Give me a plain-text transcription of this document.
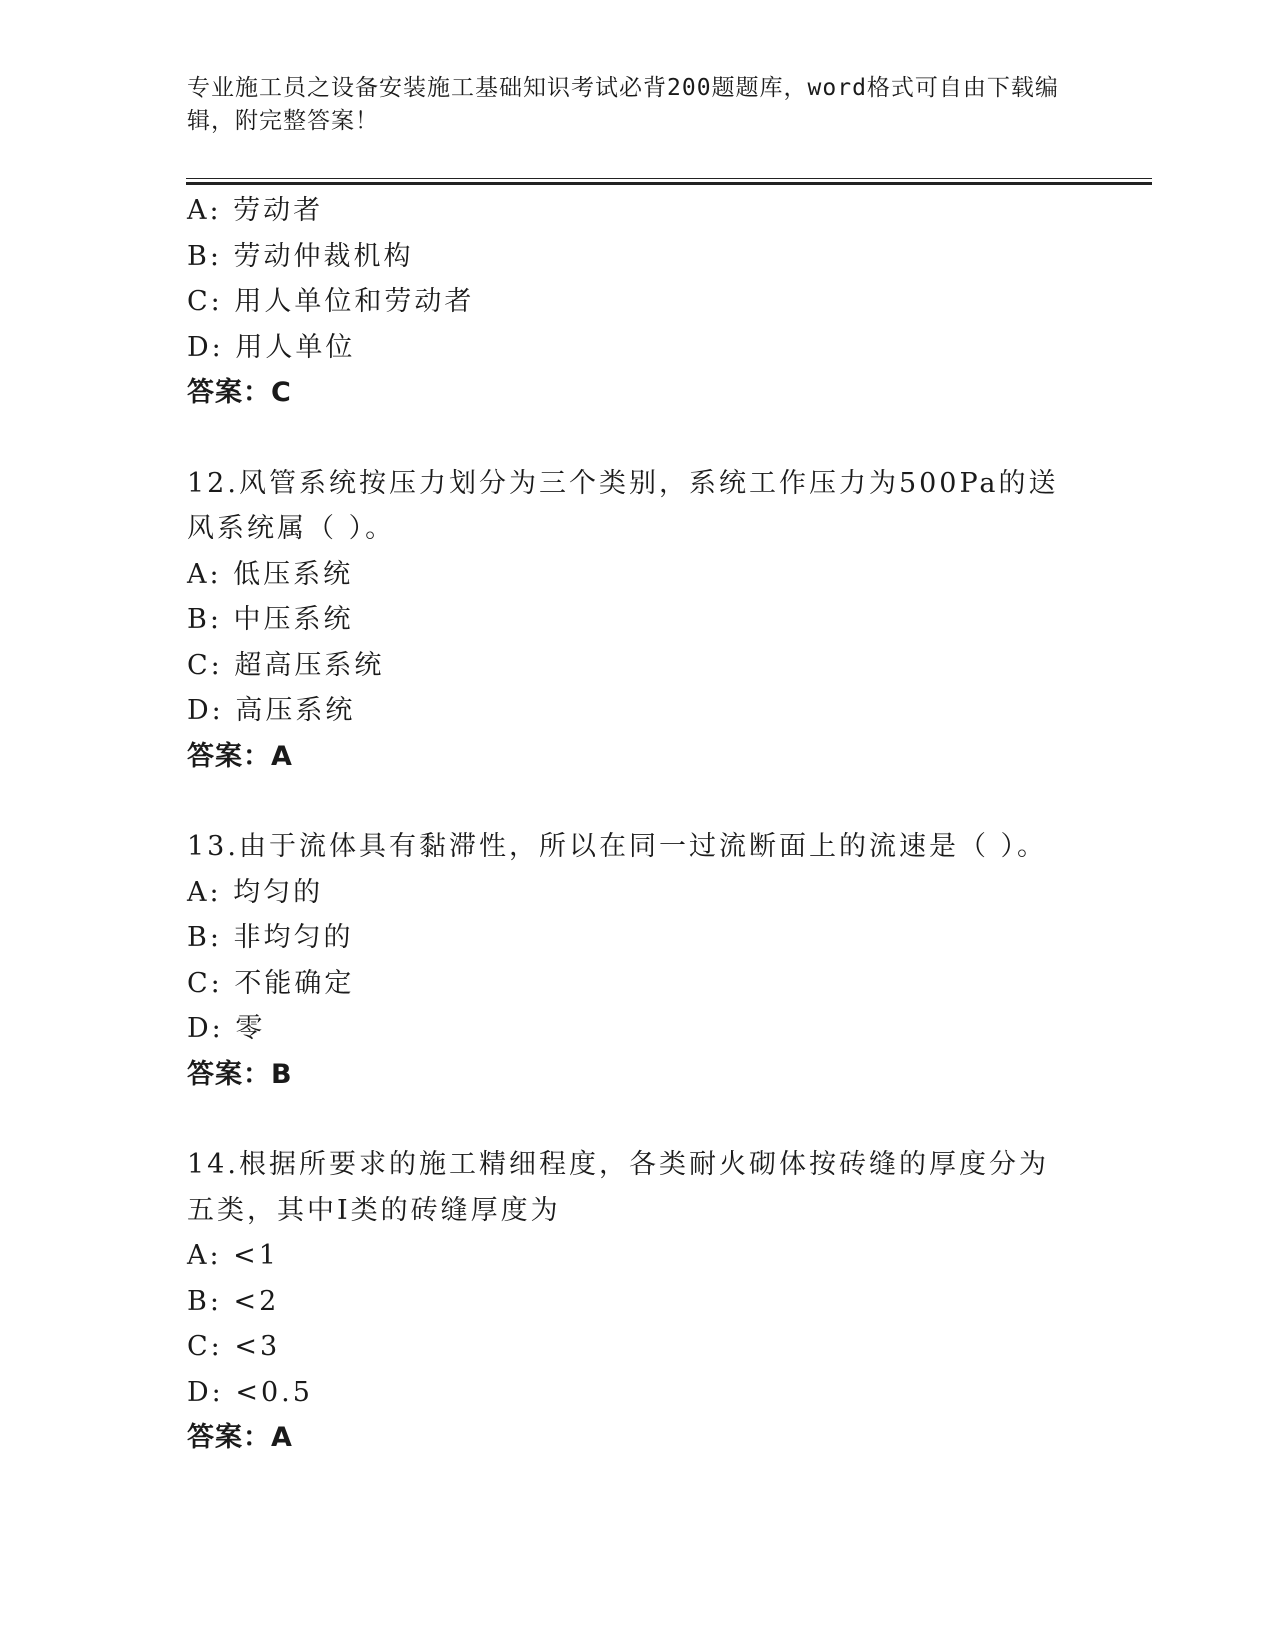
专业施工员之设备安装施工基础知识考试必背200题题库，word格式可自由下载编辑，附完整答案！
A: 劳动者
B: 劳动仲裁机构
C: 用人单位和劳动者
D: 用人单位
答案：C
12.风管系统按压力划分为三个类别，系统工作压力为500Pa的送风系统属（ ）。
A: 低压系统
B: 中压系统
C: 超高压系统
D: 高压系统
答案：A
13.由于流体具有黏滞性，所以在同一过流断面上的流速是（ ）。
A: 均匀的
B: 非均匀的
C: 不能确定
D: 零
答案：B
14.根据所要求的施工精细程度，各类耐火砌体按砖缝的厚度分为五类，其中Ⅰ类的砖缝厚度为
A: <1
B: <2
C: <3
D: <0.5
答案：A
